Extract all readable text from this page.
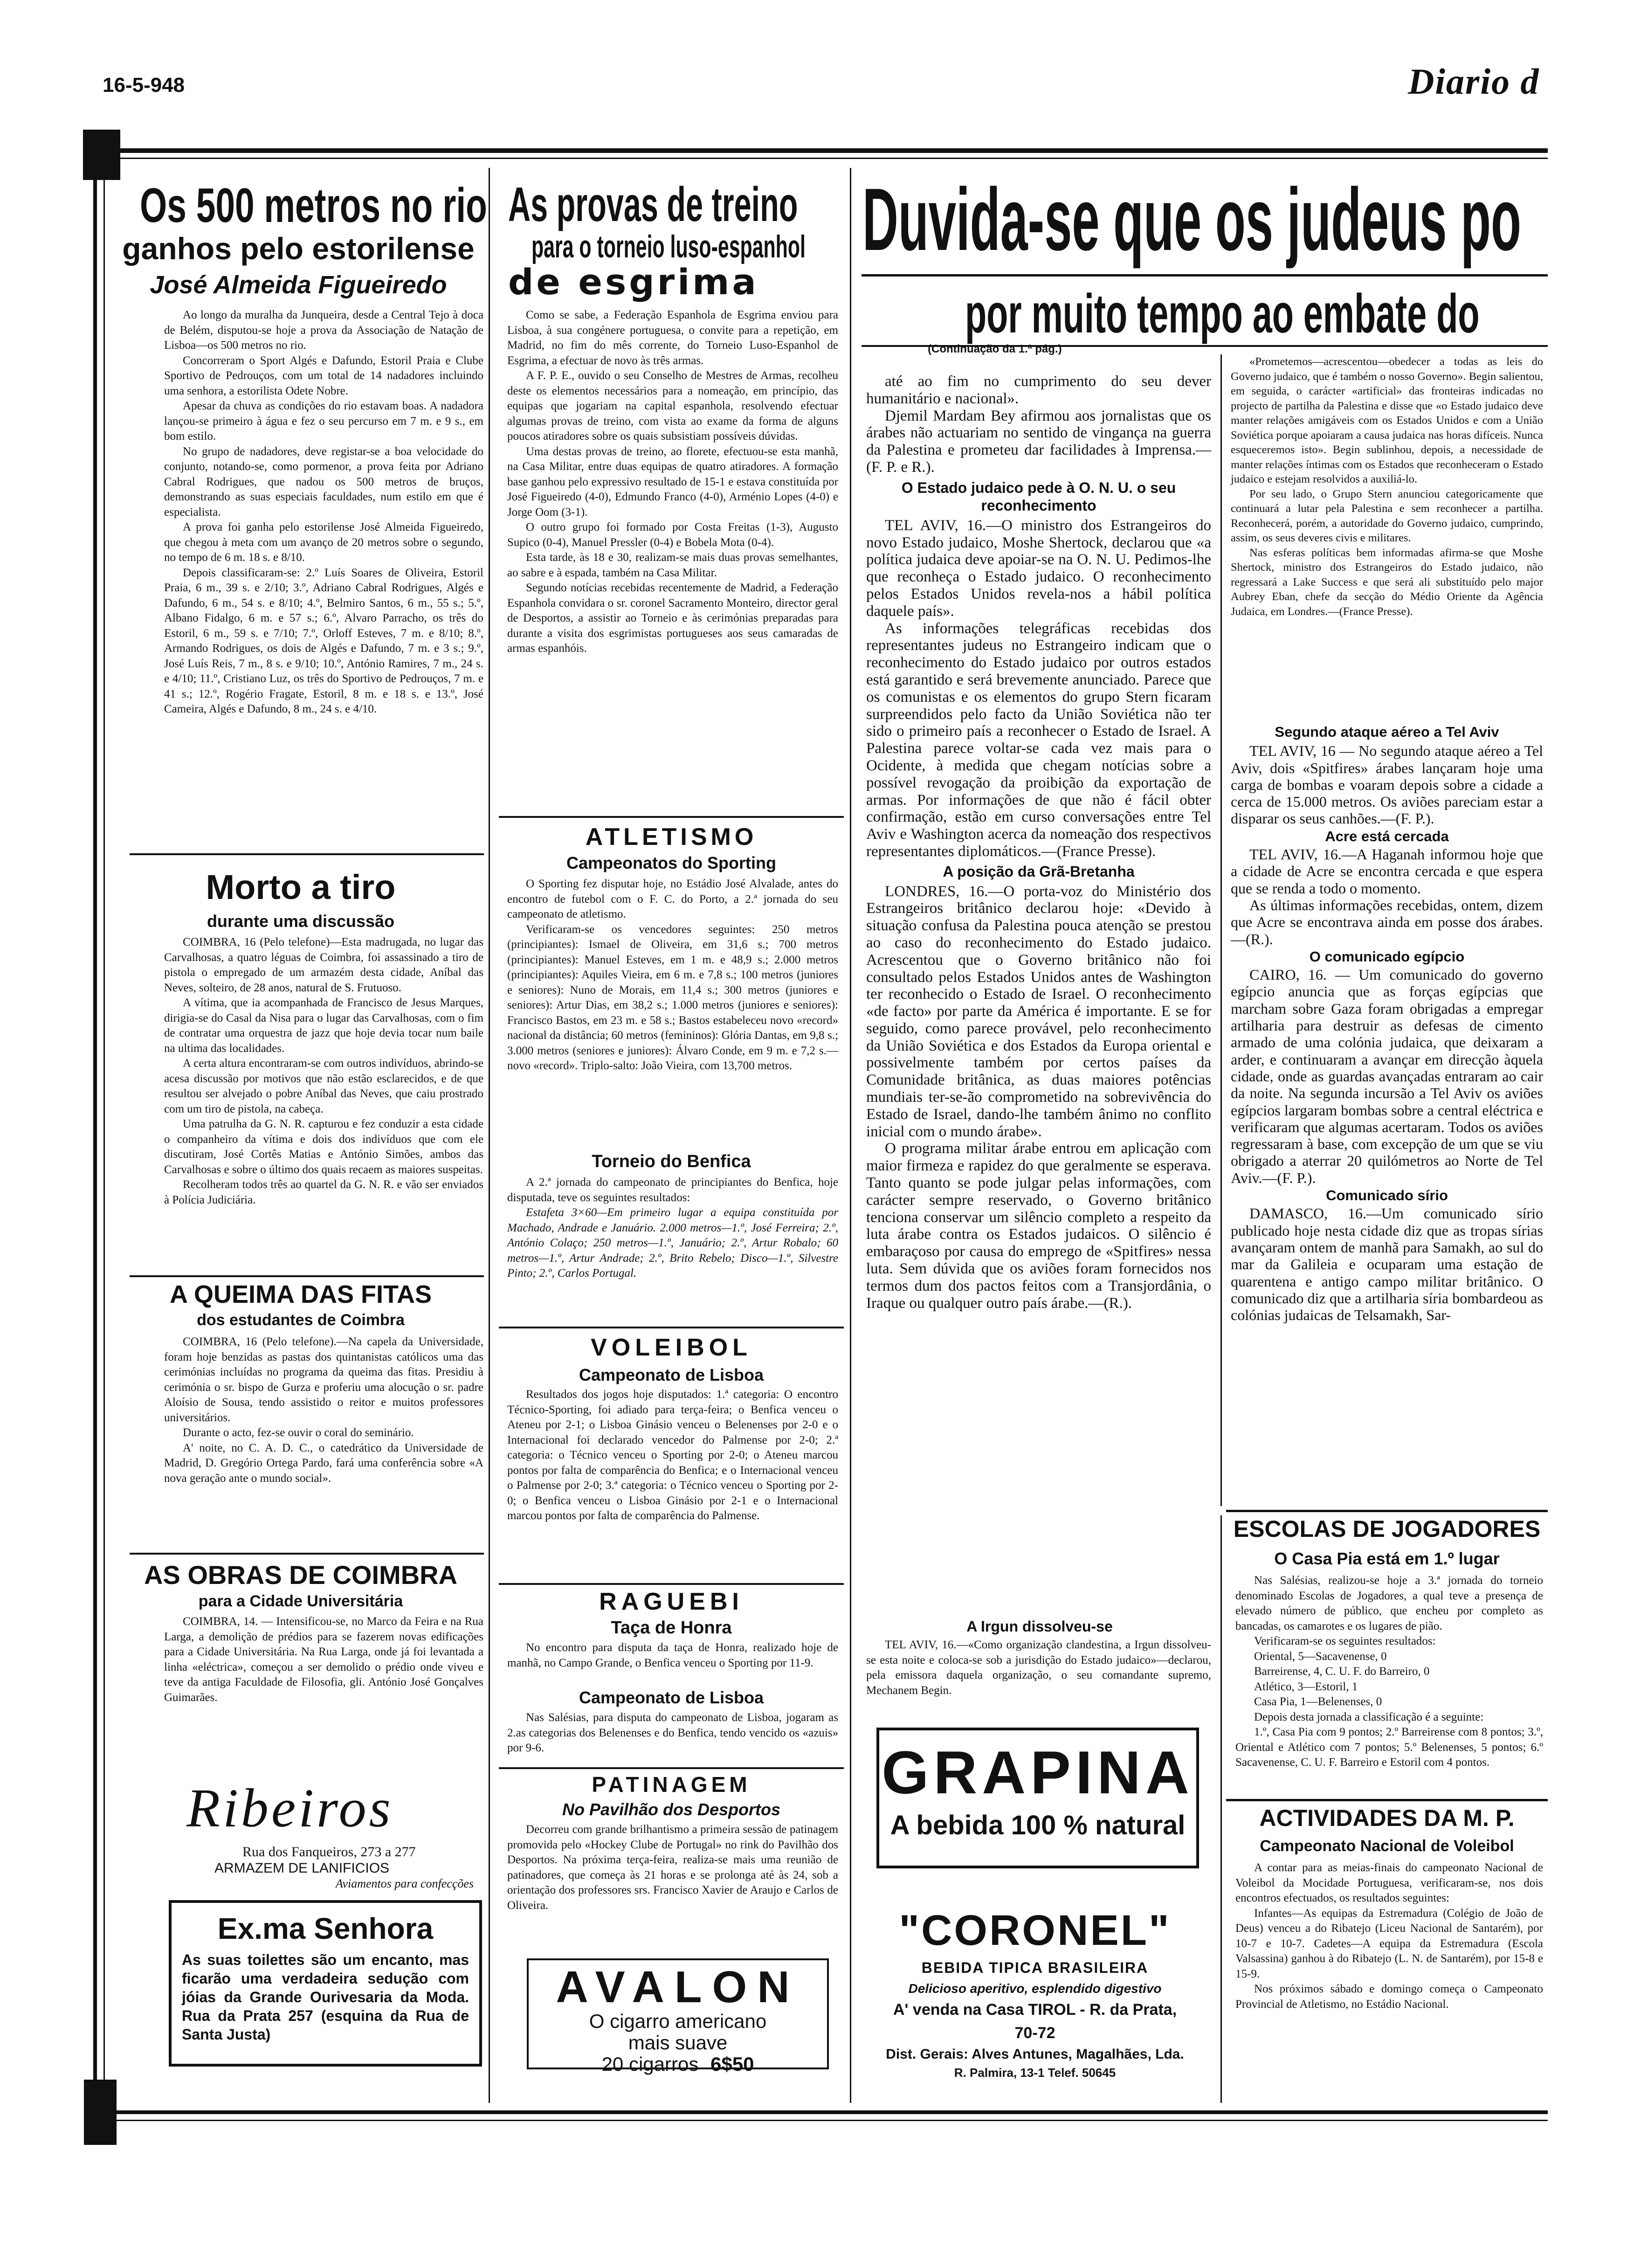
16-5-948	Diario d
Os 500 metros no rio
ganhos pelo estorilense
José Almeida Figueiredo

Ao longo da muralha da Junqueira, desde a Central Tejo à doca de Belém, disputou-se hoje a prova da Associação de Natação de Lisboa—os 500 metros no rio.

Concorreram o Sport Algés e Dafundo, Estoril Praia e Clube Sportivo de Pedrouços, com um total de 14 nadadores incluindo uma senhora, a estorilista Odete Nobre.

Apesar da chuva as condições do rio estavam boas. A nadadora lançou-se primeiro à água e fez o seu percurso em 7 m. e 9 s., em bom estilo.

No grupo de nadadores, deve registar-se a boa velocidade do conjunto, notando-se, como pormenor, a prova feita por Adriano Cabral Rodrigues, que nadou os 500 metros de bruços, demonstrando as suas especiais faculdades, num estilo em que é especialista.

A prova foi ganha pelo estorilense José Almeida Figueiredo, que chegou à meta com um avanço de 20 metros sobre o segundo, no tempo de 6 m. 18 s. e 8/10.

Depois classificaram-se: 2.º Luís Soares de Oliveira, Estoril Praia, 6 m., 39 s. e 2/10; 3.º, Adriano Cabral Rodrigues, Algés e Dafundo, 6 m., 54 s. e 8/10; 4.º, Belmiro Santos, 6 m., 55 s.; 5.º, Albano Fidalgo, 6 m. e 57 s.; 6.º, Alvaro Parracho, os três do Estoril, 6 m., 59 s. e 7/10; 7.º, Orloff Esteves, 7 m. e 8/10; 8.º, Armando Rodrigues, os dois de Algés e Dafundo, 7 m. e 3 s.; 9.º, José Luís Reis, 7 m., 8 s. e 9/10; 10.º, António Ramires, 7 m., 24 s. e 4/10; 11.º, Cristiano Luz, os três do Sportivo de Pedrouços, 7 m. e 41 s.; 12.º, Rogério Fragate, Estoril, 8 m. e 18 s. e 13.º, José Cameira, Algés e Dafundo, 8 m., 24 s. e 4/10.

Morto a tiro
durante uma discussão

COIMBRA, 16 (Pelo telefone)—Esta madrugada, no lugar das Carvalhosas, a quatro léguas de Coimbra, foi assassinado a tiro de pistola o empregado de um armazém desta cidade, Aníbal das Neves, solteiro, de 28 anos, natural de S. Frutuoso.

A vítima, que ia acompanhada de Francisco de Jesus Marques, dirigia-se do Casal da Nisa para o lugar das Carvalhosas, com o fim de contratar uma orquestra de jazz que hoje devia tocar num baile na ultima das localidades.

A certa altura encontraram-se com outros indivíduos, abrindo-se acesa discussão por motivos que não estão esclarecidos, e de que resultou ser alvejado o pobre Aníbal das Neves, que caiu prostrado com um tiro de pistola, na cabeça.

Uma patrulha da G. N. R. capturou e fez conduzir a esta cidade o companheiro da vítima e dois dos indivíduos que com ele discutiram, José Cortês Matias e António Simões, ambos das Carvalhosas e sobre o último dos quais recaem as maiores suspeitas.

Recolheram todos três ao quartel da G. N. R. e vão ser enviados à Polícia Judiciária.

A QUEIMA DAS FITAS
dos estudantes de Coimbra

COIMBRA, 16 (Pelo telefone).—Na capela da Universidade, foram hoje benzidas as pastas dos quintanistas católicos uma das cerimónias incluídas no programa da queima das fitas. Presidiu à cerimónia o sr. bispo de Gurza e proferiu uma alocução o sr. padre Aloísio de Sousa, tendo assistido o reitor e muitos professores universitários.

Durante o acto, fez-se ouvir o coral do seminário.

A' noite, no C. A. D. C., o catedrático da Universidade de Madrid, D. Gregório Ortega Pardo, fará uma conferência sobre «A nova geração ante o mundo social».

AS OBRAS DE COIMBRA
para a Cidade Universitária

COIMBRA, 14. — Intensificou-se, no Marco da Feira e na Rua Larga, a demolição de prédios para se fazerem novas edificações para a Cidade Universitária. Na Rua Larga, onde já foi levantada a linha «eléctrica», começou a ser demolido o prédio onde viveu e teve da antiga Faculdade de Filosofia, gli. António José Gonçalves Guimarães.

Ribeiros
Rua dos Fanqueiros, 273 a 277
ARMAZEM DE LANIFICIOS
Aviamentos para confecções
Ex.ma Senhora
As suas toilettes são um encanto, mas ficarão uma verdadeira sedução com jóias da Grande Ourivesaria da Moda. Rua da Prata 257 (esquina da Rua de Santa Justa)
As provas de treino
para o torneio luso-espanhol
de esgrima

Como se sabe, a Federação Espanhola de Esgrima enviou para Lisboa, à sua congénere portuguesa, o convite para a repetição, em Madrid, no fim do mês corrente, do Torneio Luso-Espanhol de Esgrima, a efectuar de novo às três armas.

A F. P. E., ouvido o seu Conselho de Mestres de Armas, recolheu deste os elementos necessários para a nomeação, em princípio, das equipas que jogariam na capital espanhola, resolvendo efectuar algumas provas de treino, com vista ao exame da forma de alguns poucos atiradores sobre os quais subsistiam possíveis dúvidas.

Uma destas provas de treino, ao florete, efectuou-se esta manhã, na Casa Militar, entre duas equipas de quatro atiradores. A formação base ganhou pelo expressivo resultado de 15-1 e estava constituída por José Figueiredo (4-0), Edmundo Franco (4-0), Arménio Lopes (4-0) e Jorge Oom (3-1).

O outro grupo foi formado por Costa Freitas (1-3), Augusto Supico (0-4), Manuel Pressler (0-4) e Bobela Mota (0-4).

Esta tarde, às 18 e 30, realizam-se mais duas provas semelhantes, ao sabre e à espada, também na Casa Militar.

Segundo notícias recebidas recentemente de Madrid, a Federação Espanhola convidara o sr. coronel Sacramento Monteiro, director geral de Desportos, a assistir ao Torneio e às cerimónias preparadas para durante a visita dos esgrimistas portugueses aos seus camaradas de armas espanhóis.

ATLETISMO
Campeonatos do Sporting

O Sporting fez disputar hoje, no Estádio José Alvalade, antes do encontro de futebol com o F. C. do Porto, a 2.ª jornada do seu campeonato de atletismo.

Verificaram-se os vencedores seguintes: 250 metros (principiantes): Ismael de Oliveira, em 31,6 s.; 700 metros (principiantes): Manuel Esteves, em 1 m. e 48,9 s.; 2.000 metros (principiantes): Aquiles Vieira, em 6 m. e 7,8 s.; 100 metros (juniores e seniores): Nuno de Morais, em 11,4 s.; 300 metros (juniores e seniores): Artur Dias, em 38,2 s.; 1.000 metros (juniores e seniores): Francisco Bastos, em 23 m. e 58 s.; Bastos estabeleceu novo «record» nacional da distância; 60 metros (femininos): Glória Dantas, em 9,8 s.; 3.000 metros (seniores e juniores): Álvaro Conde, em 9 m. e 7,2 s.—novo «record». Triplo-salto: João Vieira, com 13,700 metros.

Torneio do Benfica

A 2.ª jornada do campeonato de principiantes do Benfica, hoje disputada, teve os seguintes resultados:

Estafeta 3×60—Em primeiro lugar a equipa constituída por Machado, Andrade e Januário. 2.000 metros—1.º, José Ferreira; 2.º, António Colaço; 250 metros—1.º, Januário; 2.º, Artur Robalo; 60 metros—1.º, Artur Andrade; 2.º, Brito Rebelo; Disco—1.º, Silvestre Pinto; 2.º, Carlos Portugal.

VOLEIBOL
Campeonato de Lisboa

Resultados dos jogos hoje disputados: 1.ª categoria: O encontro Técnico-Sporting, foi adiado para terça-feira; o Benfica venceu o Ateneu por 2-1; o Lisboa Ginásio venceu o Belenenses por 2-0 e o Internacional foi declarado vencedor do Palmense por 2-0; 2.ª categoria: o Técnico venceu o Sporting por 2-0; o Ateneu marcou pontos por falta de comparência do Benfica; e o Internacional venceu o Palmense por 2-0; 3.ª categoria: o Técnico venceu o Sporting por 2-0; o Benfica venceu o Lisboa Ginásio por 2-1 e o Internacional marcou pontos por falta de comparência do Palmense.

RAGUEBI
Taça de Honra

No encontro para disputa da taça de Honra, realizado hoje de manhã, no Campo Grande, o Benfica venceu o Sporting por 11-9.

Campeonato de Lisboa

Nas Salésias, para disputa do campeonato de Lisboa, jogaram as 2.as categorias dos Belenenses e do Benfica, tendo vencido os «azuis» por 9-6.

PATINAGEM
No Pavilhão dos Desportos

Decorreu com grande brilhantismo a primeira sessão de patinagem promovida pelo «Hockey Clube de Portugal» no rink do Pavilhão dos Desportos. Na próxima terça-feira, realiza-se mais uma reunião de patinadores, que começa às 21 horas e se prolonga até às 24, sob a orientação dos professores srs. Francisco Xavier de Araujo e Carlos de Oliveira.

AVALON
O cigarro americano
mais suave
20 cigarros 6$50
Duvida-se que os judeus po
por muito tempo ao embate do
(Continuação da 1.ª pág.)

até ao fim no cumprimento do seu dever humanitário e nacional».

Djemil Mardam Bey afirmou aos jornalistas que os árabes não actuariam no sentido de vingança na guerra da Palestina e prometeu dar facilidades à Imprensa.—(F. P. e R.).

O Estado judaico pede à O. N. U. o seu reconhecimento

TEL AVIV, 16.—O ministro dos Estrangeiros do novo Estado judaico, Moshe Shertock, declarou que «a política judaica deve apoiar-se na O. N. U. Pedimos-lhe que reconheça o Estado judaico. O reconhecimento pelos Estados Unidos revela-nos a hábil política daquele país».

As informações telegráficas recebidas dos representantes judeus no Estrangeiro indicam que o reconhecimento do Estado judaico por outros estados está garantido e será brevemente anunciado. Parece que os comunistas e os elementos do grupo Stern ficaram surpreendidos pelo facto da União Soviética não ter sido o primeiro país a reconhecer o Estado de Israel. A Palestina parece voltar-se cada vez mais para o Ocidente, à medida que chegam notícias sobre a possível revogação da proibição da exportação de armas. Por informações de que não é fácil obter confirmação, estão em curso conversações entre Tel Aviv e Washington acerca da nomeação dos respectivos representantes diplomáticos.—(France Presse).

A posição da Grã-Bretanha

LONDRES, 16.—O porta-voz do Ministério dos Estrangeiros britânico declarou hoje: «Devido à situação confusa da Palestina pouca atenção se prestou ao caso do reconhecimento do Estado judaico. Acrescentou que o Governo britânico não foi consultado pelos Estados Unidos antes de Washington ter reconhecido o Estado de Israel. O reconhecimento «de facto» por parte da América é importante. E se for seguido, como parece provável, pelo reconhecimento da União Soviética e dos Estados da Europa oriental e possivelmente também por certos países da Comunidade britânica, as duas maiores potências mundiais ter-se-ão comprometido na sobrevivência do Estado de Israel, dando-lhe também ânimo no conflito inicial com o mundo árabe».

O programa militar árabe entrou em aplicação com maior firmeza e rapidez do que geralmente se esperava. Tanto quanto se pode julgar pelas informações, com carácter sempre reservado, o Governo britânico tenciona conservar um silêncio completo a respeito da luta árabe contra os Estados judaicos. O silêncio é embaraçoso por causa do emprego de «Spitfires» nessa luta. Sem dúvida que os aviões foram fornecidos nos termos dum dos pactos feitos com a Transjordânia, o Iraque ou qualquer outro país árabe.—(R.).

A Irgun dissolveu-se

TEL AVIV, 16.—«Como organização clandestina, a Irgun dissolveu-se esta noite e coloca-se sob a jurisdição do Estado judaico»—declarou, pela emissora daquela organização, o seu comandante supremo, Mechanem Begin.

«Prometemos—acrescentou—obedecer a todas as leis do Governo judaico, que é também o nosso Governo». Begin salientou, em seguida, o carácter «artificial» das fronteiras indicadas no projecto de partilha da Palestina e disse que «o Estado judaico deve manter relações amigáveis com os Estados Unidos e com a União Soviética porque apoiaram a causa judaica nas horas difíceis. Nunca esqueceremos isto». Begin sublinhou, depois, a necessidade de manter relações íntimas com os Estados que reconheceram o Estado judaico e estejam resolvidos a auxiliá-lo.

Por seu lado, o Grupo Stern anunciou categoricamente que continuará a lutar pela Palestina e sem reconhecer a partilha. Reconhecerá, porém, a autoridade do Governo judaico, cumprindo, assim, os seus deveres civis e militares.

Nas esferas políticas bem informadas afirma-se que Moshe Shertock, ministro dos Estrangeiros do Estado judaico, não regressará a Lake Success e que será ali substituído pelo major Aubrey Eban, chefe da secção do Médio Oriente da Agência Judaica, em Londres.—(France Presse).

Segundo ataque aéreo a Tel Aviv

TEL AVIV, 16 — No segundo ataque aéreo a Tel Aviv, dois «Spitfires» árabes lançaram hoje uma carga de bombas e voaram depois sobre a cidade a cerca de 15.000 metros. Os aviões pareciam estar a disparar os seus canhões.—(F. P.).

Acre está cercada

TEL AVIV, 16.—A Haganah informou hoje que a cidade de Acre se encontra cercada e que espera que se renda a todo o momento.

As últimas informações recebidas, ontem, dizem que Acre se encontrava ainda em posse dos árabes.—(R.).

O comunicado egípcio

CAIRO, 16. — Um comunicado do governo egípcio anuncia que as forças egípcias que marcham sobre Gaza foram obrigadas a empregar artilharia para destruir as defesas de cimento armado de uma colónia judaica, que deixaram a arder, e continuaram a avançar em direcção àquela cidade, onde as guardas avançadas entraram ao cair da noite. Na segunda incursão a Tel Aviv os aviões egípcios largaram bombas sobre a central eléctrica e verificaram que algumas acertaram. Todos os aviões regressaram à base, com excepção de um que se viu obrigado a aterrar 20 quilómetros ao Norte de Tel Aviv.—(F. P.).

Comunicado sírio

DAMASCO, 16.—Um comunicado sírio publicado hoje nesta cidade diz que as tropas sírias avançaram ontem de manhã para Samakh, ao sul do mar da Galileia e ocuparam uma estação de quarentena e antigo campo militar britânico. O comunicado diz que a artilharia síria bombardeou as colónias judaicas de Telsamakh, Sar-

ESCOLAS DE JOGADORES
O Casa Pia está em 1.º lugar

Nas Salésias, realizou-se hoje a 3.ª jornada do torneio denominado Escolas de Jogadores, a qual teve a presença de elevado número de público, que encheu por completo as bancadas, os camarotes e os lugares de pião.

Verificaram-se os seguintes resultados:

Oriental, 5—Sacavenense, 0

Barreirense, 4, C. U. F. do Barreiro, 0

Atlético, 3—Estoril, 1

Casa Pia, 1—Belenenses, 0

Depois desta jornada a classificação é a seguinte:

1.º, Casa Pia com 9 pontos; 2.º Barreirense com 8 pontos; 3.º, Oriental e Atlético com 7 pontos; 5.º Belenenses, 5 pontos; 6.º Sacavenense, C. U. F. Barreiro e Estoril com 4 pontos.

ACTIVIDADES DA M. P.
Campeonato Nacional de Voleibol

A contar para as meias-finais do campeonato Nacional de Voleibol da Mocidade Portuguesa, verificaram-se, nos dois encontros efectuados, os resultados seguintes:

Infantes—As equipas da Estremadura (Colégio de João de Deus) venceu a do Ribatejo (Liceu Nacional de Santarém), por 10-7 e 10-7. Cadetes—A equipa da Estremadura (Escola Valsassina) ganhou à do Ribatejo (L. N. de Santarém), por 15-8 e 15-9.

Nos próximos sábado e domingo começa o Campeonato Provincial de Atletismo, no Estádio Nacional.

GRAPINA
A bebida 100 % natural
"CORONEL"
BEBIDA TIPICA BRASILEIRA
Delicioso aperitivo, esplendido digestivo
A' venda na Casa TIROL - R. da Prata, 70-72
Dist. Gerais: Alves Antunes, Magalhães, Lda.
R. Palmira, 13-1 Telef. 50645
